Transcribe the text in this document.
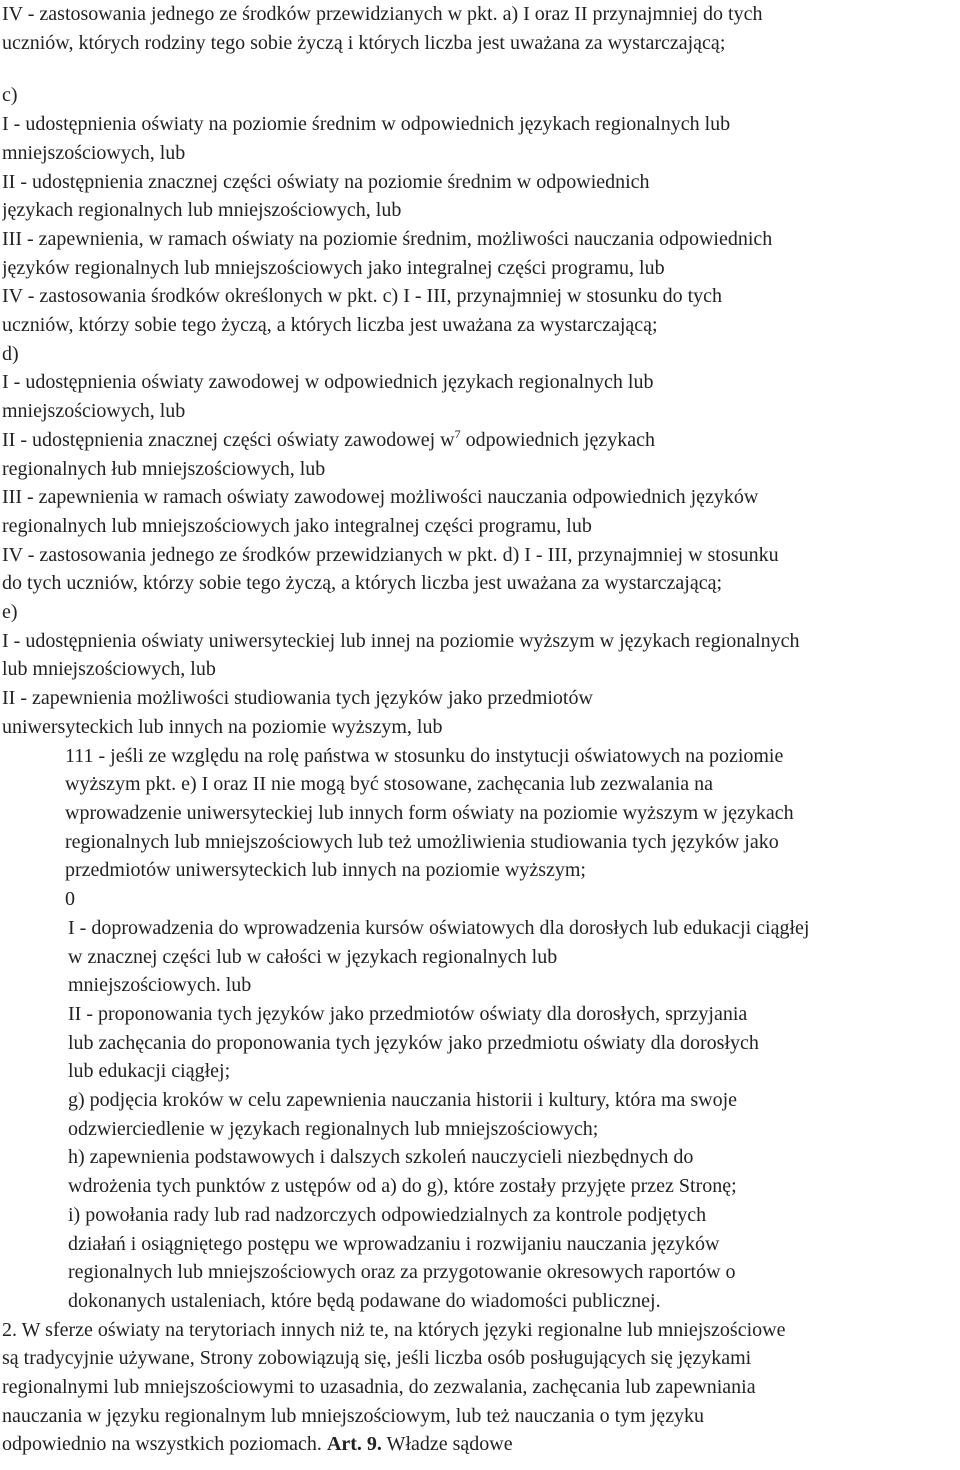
IV - zastosowania jednego ze środków przewidzianych w pkt. a) I oraz II przynajmniej do tych
uczniów, których rodziny tego sobie życzą i których liczba jest uważana za wystarczającą;
c)
I - udostępnienia oświaty na poziomie średnim w odpowiednich językach regionalnych lub
mniejszościowych, lub
II - udostępnienia znacznej części oświaty na poziomie średnim w odpowiednich
językach regionalnych lub mniejszościowych, lub
III - zapewnienia, w ramach oświaty na poziomie średnim, możliwości nauczania odpowiednich
języków regionalnych lub mniejszościowych jako integralnej części programu, lub
IV - zastosowania środków określonych w pkt. c) I - III, przynajmniej w stosunku do tych
uczniów, którzy sobie tego życzą, a których liczba jest uważana za wystarczającą;
d)
I - udostępnienia oświaty zawodowej w odpowiednich językach regionalnych lub
mniejszościowych, lub
II - udostępnienia znacznej części oświaty zawodowej $w^7$ odpowiednich językach
regionalnych łub mniejszościowych, lub
III - zapewnienia w ramach oświaty zawodowej możliwości nauczania odpowiednich języków
regionalnych lub mniejszościowych jako integralnej części programu, lub
IV - zastosowania jednego ze środków przewidzianych w pkt. d) I - III, przynajmniej w stosunku
do tych uczniów, którzy sobie tego życzą, a których liczba jest uważana za wystarczającą;
e)
I - udostępnienia oświaty uniwersyteckiej lub innej na poziomie wyższym w językach regionalnych
lub mniejszościowych, lub
II - zapewnienia możliwości studiowania tych języków jako przedmiotów
uniwersyteckich lub innych na poziomie wyższym, lub
111 - jeśli ze względu na rolę państwa w stosunku do instytucji oświatowych na poziomie
wyższym pkt. e) I oraz II nie mogą być stosowane, zachęcania lub zezwalania na
wprowadzenie uniwersyteckiej lub innych form oświaty na poziomie wyższym w językach
regionalnych lub mniejszościowych lub też umożliwienia studiowania tych języków jako
przedmiotów uniwersyteckich lub innych na poziomie wyższym;
0
I - doprowadzenia do wprowadzenia kursów oświatowych dla dorosłych lub edukacji ciągłej
w znacznej części lub w całości w językach regionalnych lub
mniejszościowych. lub
II - proponowania tych języków jako przedmiotów oświaty dla dorosłych, sprzyjania
lub zachęcania do proponowania tych języków jako przedmiotu oświaty dla dorosłych
lub edukacji ciągłej;
g) podjęcia kroków w celu zapewnienia nauczania historii i kultury, która ma swoje
odzwierciedlenie w językach regionalnych lub mniejszościowych;
h) zapewnienia podstawowych i dalszych szkoleń nauczycieli niezbędnych do
wdrożenia tych punktów z ustępów od a) do g), które zostały przyjęte przez Stronę;
i) powołania rady lub rad nadzorczych odpowiedzialnych za kontrole podjętych
działań i osiągniętego postępu we wprowadzaniu i rozwijaniu nauczania języków
regionalnych lub mniejszościowych oraz za przygotowanie okresowych raportów o
dokonanych ustaleniach, które będą podawane do wiadomości publicznej.
2. W sferze oświaty na terytoriach innych niż te, na których języki regionalne lub mniejszościowe
są tradycyjnie używane, Strony zobowiązują się, jeśli liczba osób posługujących się językami
regionalnymi lub mniejszościowymi to uzasadnia, do zezwalania, zachęcania lub zapewniania
nauczania w języku regionalnym lub mniejszościowym, lub też nauczania o tym języku
odpowiednio na wszystkich poziomach. Art. 9. Władze sądowe
